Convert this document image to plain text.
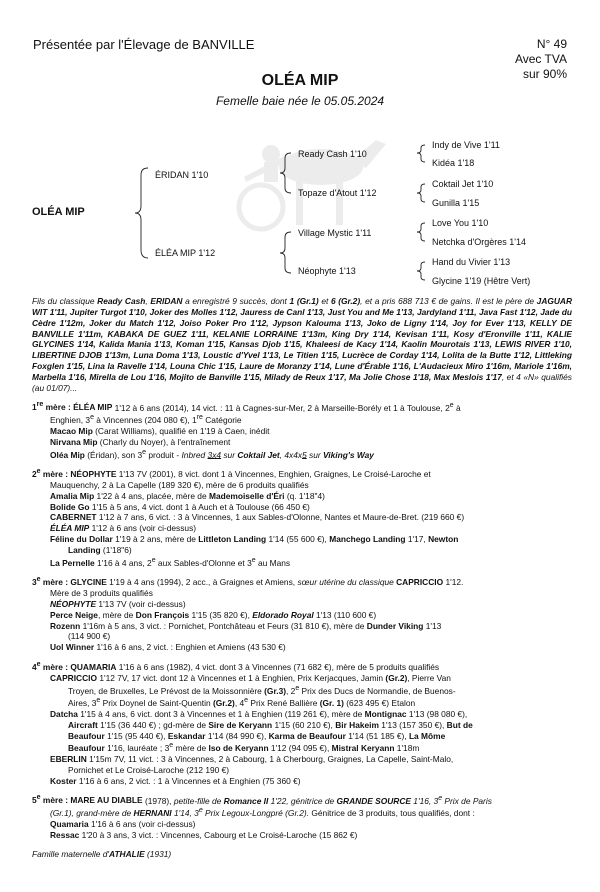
Présentée par l'Élevage de BANVILLE	N° 49
Avec TVA
sur 90%
OLÉA MIP
Femelle baie née le 05.05.2024
OLÉA MIP
ÉRIDAN 1'10
ÉLÉA MIP 1'12
Ready Cash 1'10
Topaze d'Atout 1'12
Village Mystic 1'11
Néophyte 1'13
Indy de Vive 1'11
Kidéa 1'18
Coktail Jet 1'10
Gunilla 1'15
Love You 1'10
Netchka d'Orgères 1'14
Hand du Vivier 1'13
Glycine 1'19 (Hêtre Vert)

Fils du classique Ready Cash, ERIDAN a enregistré 9 succès, dont 1 (Gr.1) et 6 (Gr.2), et a pris 688 713 € de gains. Il est le père de JAGUAR WIT 1'11, Jupiter Turgot 1'10, Joker des Molles 1'12, Jauress de Canl 1'13, Just You and Me 1'13, Jardyland 1'11, Java Fast 1'12, Jade du Cèdre 1'12m, Joker du Match 1'12, Joiso Poker Pro 1'12, Jypson Kalouma 1'13, Joko de Ligny 1'14, Joy for Ever 1'13, KELLY DE BANVILLE 1'11m, KABAKA DE GUEZ 1'11, KELANIE LORRAINE 1'13m, King Dry 1'14, Kevisan 1'11, Kosy d'Eronville 1'11, KALIE GLYCINES 1'14, Kalida Mania 1'13, Koman 1'15, Kansas Djob 1'15, Khaleesi de Kacy 1'14, Kaolin Mourotais 1'13, LEWIS RIVER 1'10, LIBERTINE DJOB 1'13m, Luna Doma 1'13, Loustic d'Yvel 1'13, Le Titien 1'15, Lucrèce de Corday 1'14, Lolita de la Butte 1'12, Littleking Foxglen 1'15, Lina la Ravelle 1'14, Louna Chic 1'15, Laure de Moranzy 1'14, Lune d'Érable 1'16, L'Audacieux Miro 1'16m, Mariole 1'16m, Marbella 1'16, Mirella de Lou 1'16, Mojito de Banville 1'15, Milady de Reux 1'17, Ma Jolie Chose 1'18, Max Meslois 1'17, et 4 «N» qualifiés (au 01/07)...

1re mère : ÉLÉA MIP 1'12 à 6 ans (2014), 14 vict. : 11 à Cagnes-sur-Mer, 2 à Marseille-Borély et 1 à Toulouse, 2e à

Enghien, 3e à Vincennes (204 080 €), 1re Catégorie

Macao Mip (Carat Williams), qualifié en 1'19 à Caen, inédit

Nirvana Mip (Charly du Noyer), à l'entraînement

Oléa Mip (Éridan), son 3e produit - Inbred 3x4 sur Coktail Jet, 4x4x5 sur Viking's Way

2e mère : NÉOPHYTE 1'13 7V (2001), 8 vict. dont 1 à Vincennes, Enghien, Graignes, Le Croisé-Laroche et

Mauquenchy, 2 à La Capelle (189 320 €), mère de 6 produits qualifiés

Amalia Mip 1'22 à 4 ans, placée, mère de Mademoiselle d'Éri (q. 1'18"4)

Bolide Go 1'15 à 5 ans, 4 vict. dont 1 à Auch et à Toulouse (66 450 €)

CABERNET 1'12 à 7 ans, 6 vict. : 3 à Vincennes, 1 aux Sables-d'Olonne, Nantes et Maure-de-Bret. (219 660 €)

ÉLÉA MIP 1'12 à 6 ans (voir ci-dessus)

Féline du Dollar 1'19 à 2 ans, mère de Littleton Landing 1'14 (55 600 €), Manchego Landing 1'17, Newton

Landing (1'18"6)

La Pernelle 1'16 à 4 ans, 2e aux Sables-d'Olonne et 3e au Mans

3e mère : GLYCINE 1'19 à 4 ans (1994), 2 acc., à Graignes et Amiens, sœur utérine du classique CAPRICCIO 1'12.

Mère de 3 produits qualifiés

NÉOPHYTE 1'13 7V (voir ci-dessus)

Perce Neige, mère de Don François 1'15 (35 820 €), Eldorado Royal 1'13 (110 600 €)

Rozenn 1'16m à 5 ans, 3 vict. : Pornichet, Pontchâteau et Feurs (31 810 €), mère de Dunder Viking 1'13

(114 900 €)

Uol Winner 1'16 à 6 ans, 2 vict. : Enghien et Amiens (43 530 €)

4e mère : QUAMARIA 1'16 à 6 ans (1982), 4 vict. dont 3 à Vincennes (71 682 €), mère de 5 produits qualifiés

CAPRICCIO 1'12 7V, 17 vict. dont 12 à Vincennes et 1 à Enghien, Prix Kerjacques, Jamin (Gr.2), Pierre Van

Troyen, de Bruxelles, Le Prévost de la Moissonnière (Gr.3), 2e Prix des Ducs de Normandie, de Buenos-

Aires, 3e Prix Doynel de Saint-Quentin (Gr.2), 4e Prix René Ballière (Gr. 1) (623 495 €) Etalon

Datcha 1'15 à 4 ans, 6 vict. dont 3 à Vincennes et 1 à Enghien (119 261 €), mère de Montignac 1'13 (98 080 €),

Aircraft 1'15 (36 440 €) ; gd-mère de Sire de Keryann 1'15 (60 210 €), Bir Hakeim 1'13 (157 350 €), But de

Beaufour 1'15 (95 440 €), Eskandar 1'14 (84 990 €), Karma de Beaufour 1'14 (51 185 €), La Môme

Beaufour 1'16, lauréate ; 3e mère de Iso de Keryann 1'12 (94 095 €), Mistral Keryann 1'18m

EBERLIN 1'15m 7V, 11 vict. : 3 à Vincennes, 2 à Cabourg, 1 à Cherbourg, Graignes, La Capelle, Saint-Malo,

Pornichet et Le Croisé-Laroche (212 190 €)

Koster 1'16 à 6 ans, 2 vict. : 1 à Vincennes et à Enghien (75 360 €)

5e mère : MARE AU DIABLE (1978), petite-fille de Romance II 1'22, génitrice de GRANDE SOURCE 1'16, 3e Prix de Paris

(Gr.1), grand-mère de HERNANI 1'14, 3e Prix Legoux-Longpré (Gr.2). Génitrice de 3 produits, tous qualifiés, dont :

Quamaria 1'16 à 6 ans (voir ci-dessus)

Ressac 1'20 à 3 ans, 3 vict. : Vincennes, Cabourg et Le Croisé-Laroche (15 862 €)

Famille maternelle d'ATHALIE (1931)
